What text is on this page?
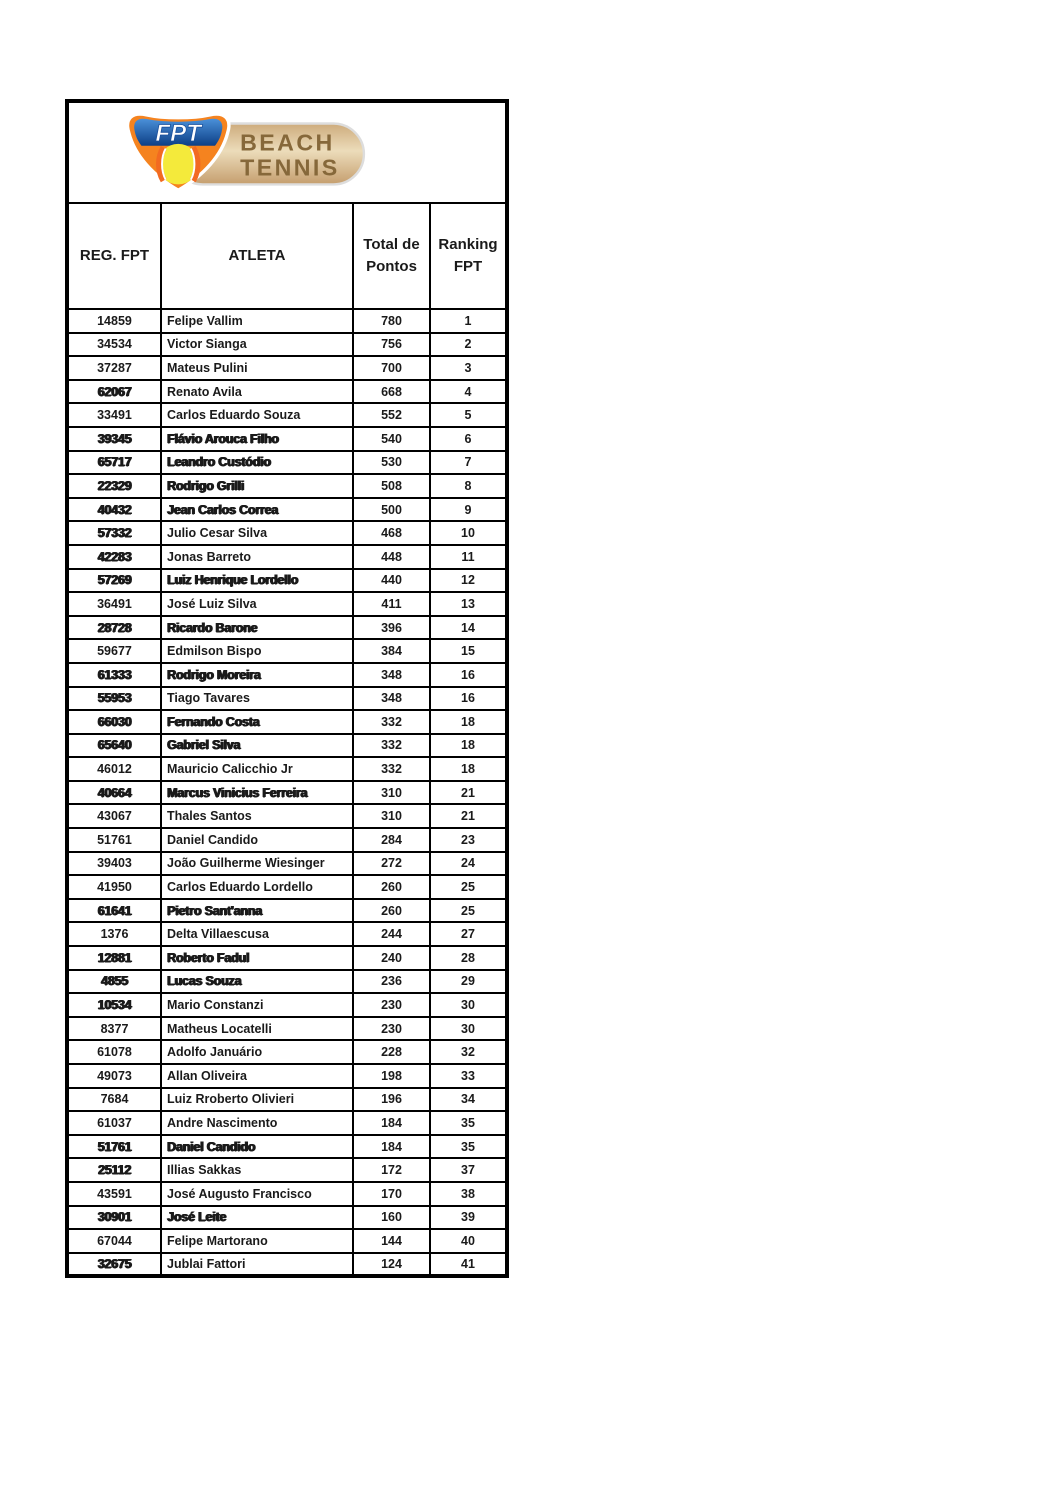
BEACH
TENNIS
FPT			

REG. FPT	ATLETA	Total de Pontos	Ranking FPT
14859	Felipe Vallim	780	1
34534	Victor Sianga	756	2
37287	Mateus Pulini	700	3
62067	Renato Avila	668	4
33491	Carlos Eduardo Souza	552	5
39345	Flávio Arouca Filho	540	6
65717	Leandro Custódio	530	7
22329	Rodrigo Grilli	508	8
40432	Jean Carlos Correa	500	9
57332	Julio Cesar Silva	468	10
42283	Jonas Barreto	448	11
57269	Luiz Henrique Lordello	440	12
36491	José Luiz Silva	411	13
28728	Ricardo Barone	396	14
59677	Edmilson Bispo	384	15
61333	Rodrigo Moreira	348	16
55953	Tiago Tavares	348	16
66030	Fernando Costa	332	18
65640	Gabriel Silva	332	18
46012	Mauricio Calicchio Jr	332	18
40664	Marcus Vinicius Ferreira	310	21
43067	Thales Santos	310	21
51761	Daniel Candido	284	23
39403	João Guilherme Wiesinger	272	24
41950	Carlos Eduardo Lordello	260	25
61641	Pietro Sant'anna	260	25
1376	Delta Villaescusa	244	27
12881	Roberto Fadul	240	28
4855	Lucas Souza	236	29
10534	Mario Constanzi	230	30
8377	Matheus Locatelli	230	30
61078	Adolfo Januário	228	32
49073	Allan Oliveira	198	33
7684	Luiz Rroberto Olivieri	196	34
61037	Andre Nascimento	184	35
51761	Daniel Candido	184	35
25112	Illias Sakkas	172	37
43591	José Augusto Francisco	170	38
30901	José Leite	160	39
67044	Felipe Martorano	144	40
32675	Jublai Fattori	124	41
